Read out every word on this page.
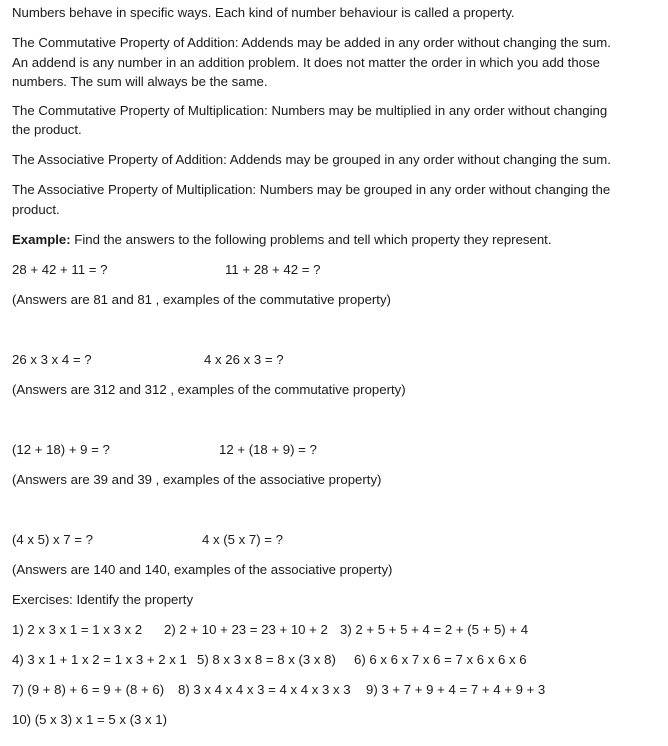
Numbers behave in specific ways. Each kind of number behaviour is called a property.
The Commutative Property of Addition: Addends may be added in any order without changing the sum.
An addend is any number in an addition problem. It does not matter the order in which you add those
numbers. The sum will always be the same.
The Commutative Property of Multiplication: Numbers may be multiplied in any order without changing
the product.
The Associative Property of Addition: Addends may be grouped in any order without changing the sum.
The Associative Property of Multiplication: Numbers may be grouped in any order without changing the
product.
Example: Find the answers to the following problems and tell which property they represent.
28 + 42 + 11 = ?	11 + 28 + 42 = ?
(Answers are 81 and 81 , examples of the commutative property)
26 x 3 x 4 = ?	4 x 26 x 3 = ?
(Answers are 312 and 312 , examples of the commutative property)
(12 + 18) + 9 = ?	12 + (18 + 9) = ?
(Answers are 39 and 39 , examples of the associative property)
(4 x 5) x 7 = ?	4 x (5 x 7) = ?
(Answers are 140 and 140, examples of the associative property)
Exercises: Identify the property
1) 2 x 3 x 1 = 1 x 3 x 2 2) 2 + 10 + 23 = 23 + 10 + 2 3) 2 + 5 + 5 + 4 = 2 + (5 + 5) + 4
4) 3 x 1 + 1 x 2 = 1 x 3 + 2 x 1 5) 8 x 3 x 8 = 8 x (3 x 8) 6) 6 x 6 x 7 x 6 = 7 x 6 x 6 x 6
7) (9 + 8) + 6 = 9 + (8 + 6) 8) 3 x 4 x 4 x 3 = 4 x 4 x 3 x 3 9) 3 + 7 + 9 + 4 = 7 + 4 + 9 + 3
10) (5 x 3) x 1 = 5 x (3 x 1)
